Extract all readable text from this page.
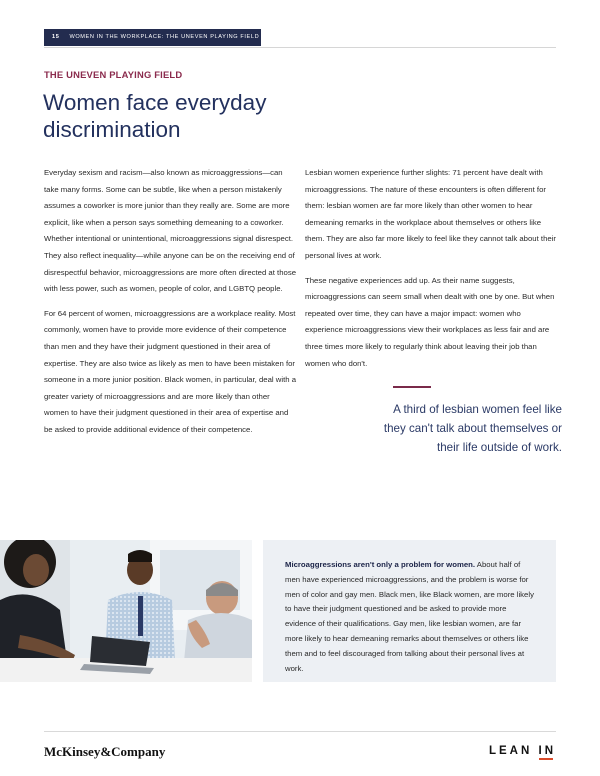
15 WOMEN IN THE WORKPLACE: THE UNEVEN PLAYING FIELD
THE UNEVEN PLAYING FIELD
Women face everyday discrimination

Everyday sexism and racism—also known as microaggressions—can take many forms. Some can be subtle, like when a person mistakenly assumes a coworker is more junior than they really are. Some are more explicit, like when a person says something demeaning to a coworker. Whether intentional or unintentional, microaggressions signal disrespect. They also reflect inequality—while anyone can be on the receiving end of disrespectful behavior, microaggressions are more often directed at those with less power, such as women, people of color, and LGBTQ people.

For 64 percent of women, microaggressions are a workplace reality. Most commonly, women have to provide more evidence of their competence than men and they have their judgment questioned in their area of expertise. They are also twice as likely as men to have been mistaken for someone in a more junior position. Black women, in particular, deal with a greater variety of microaggressions and are more likely than other women to have their judgment questioned in their area of expertise and be asked to provide additional evidence of their competence.

Lesbian women experience further slights: 71 percent have dealt with microaggressions. The nature of these encounters is often different for them: lesbian women are far more likely than other women to hear demeaning remarks in the workplace about themselves or others like them. They are also far more likely to feel like they cannot talk about their personal lives at work.

These negative experiences add up. As their name suggests, microaggressions can seem small when dealt with one by one. But when repeated over time, they can have a major impact: women who experience microaggressions view their workplaces as less fair and are three times more likely to regularly think about leaving their job than women who don't.

A third of lesbian women feel like they can't talk about themselves or their life outside of work.
Microaggressions aren't only a problem for women. About half of men have experienced microaggressions, and the problem is worse for men of color and gay men. Black men, like Black women, are more likely to have their judgment questioned and be asked to provide more evidence of their qualifications. Gay men, like lesbian women, are far more likely to hear demeaning remarks about themselves or others like them and to feel discouraged from talking about their personal lives at work.
McKinsey&Company	LEAN IN
